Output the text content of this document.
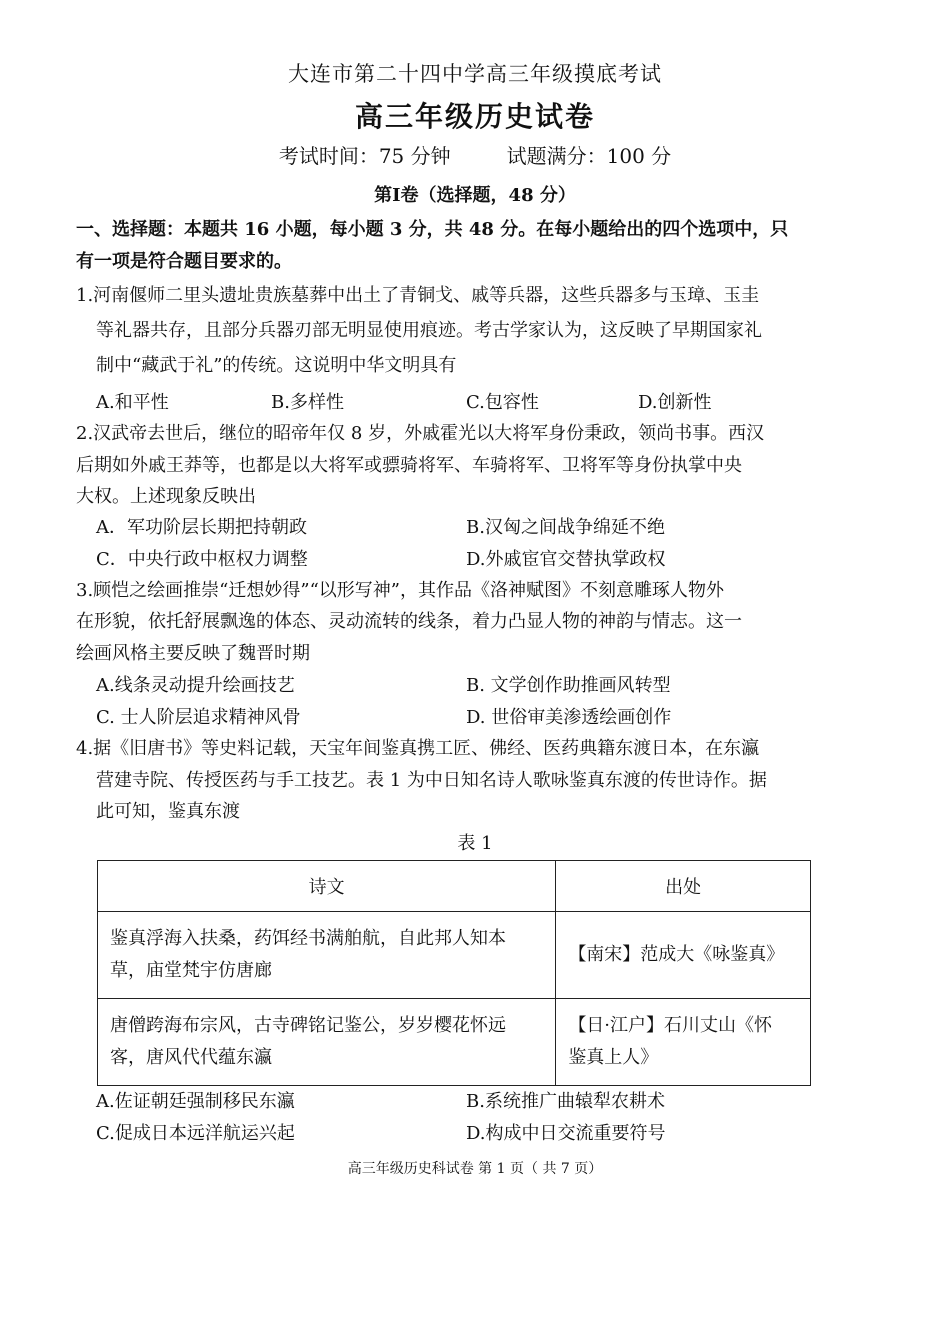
大连市第二十四中学高三年级摸底考试
高三年级历史试卷
考试时间：75 分钟	试题满分：100 分
第Ⅰ卷（选择题，48 分）
一、选择题：本题共 16 小题，每小题 3 分，共 48 分。在每小题给出的四个选项中，只
有一项是符合题目要求的。
1.河南偃师二里头遗址贵族墓葬中出土了青铜戈、戚等兵器，这些兵器多与玉璋、玉圭
等礼器共存，且部分兵器刃部无明显使用痕迹。考古学家认为，这反映了早期国家礼
制中“藏武于礼”的传统。这说明中华文明具有
A.和平性	B.多样性	C.包容性	D.创新性
2.汉武帝去世后，继位的昭帝年仅 8 岁，外戚霍光以大将军身份秉政，领尚书事。西汉
后期如外戚王莽等，也都是以大将军或骠骑将军、车骑将军、卫将军等身份执掌中央
大权。上述现象反映出
A．军功阶层长期把持朝政	B.汉匈之间战争绵延不绝
C．中央行政中枢权力调整	D.外戚宦官交替执掌政权
3.顾恺之绘画推崇“迁想妙得”“以形写神”，其作品《洛神赋图》不刻意雕琢人物外
在形貌，依托舒展飘逸的体态、灵动流转的线条，着力凸显人物的神韵与情志。这一
绘画风格主要反映了魏晋时期
A.线条灵动提升绘画技艺	B. 文学创作助推画风转型
C. 士人阶层追求精神风骨	D. 世俗审美渗透绘画创作
4.据《旧唐书》等史料记载，天宝年间鉴真携工匠、佛经、医药典籍东渡日本，在东瀛
营建寺院、传授医药与手工技艺。表 1 为中日知名诗人歌咏鉴真东渡的传世诗作。据
此可知，鉴真东渡
表 1
诗文	出处
鉴真浮海入扶桑，药饵经书满舶航，自此邦人知本
草，庙堂梵宇仿唐廊	【南宋】范成大《咏鉴真》
唐僧跨海布宗风，古寺碑铭记鉴公，岁岁樱花怀远
客，唐风代代蕴东瀛	【日·江户】石川丈山《怀
鉴真上人》
A.佐证朝廷强制移民东瀛	B.系统推广曲辕犁农耕术
C.促成日本远洋航运兴起	D.构成中日交流重要符号
高三年级历史科试卷 第 1 页（ 共 7 页）
